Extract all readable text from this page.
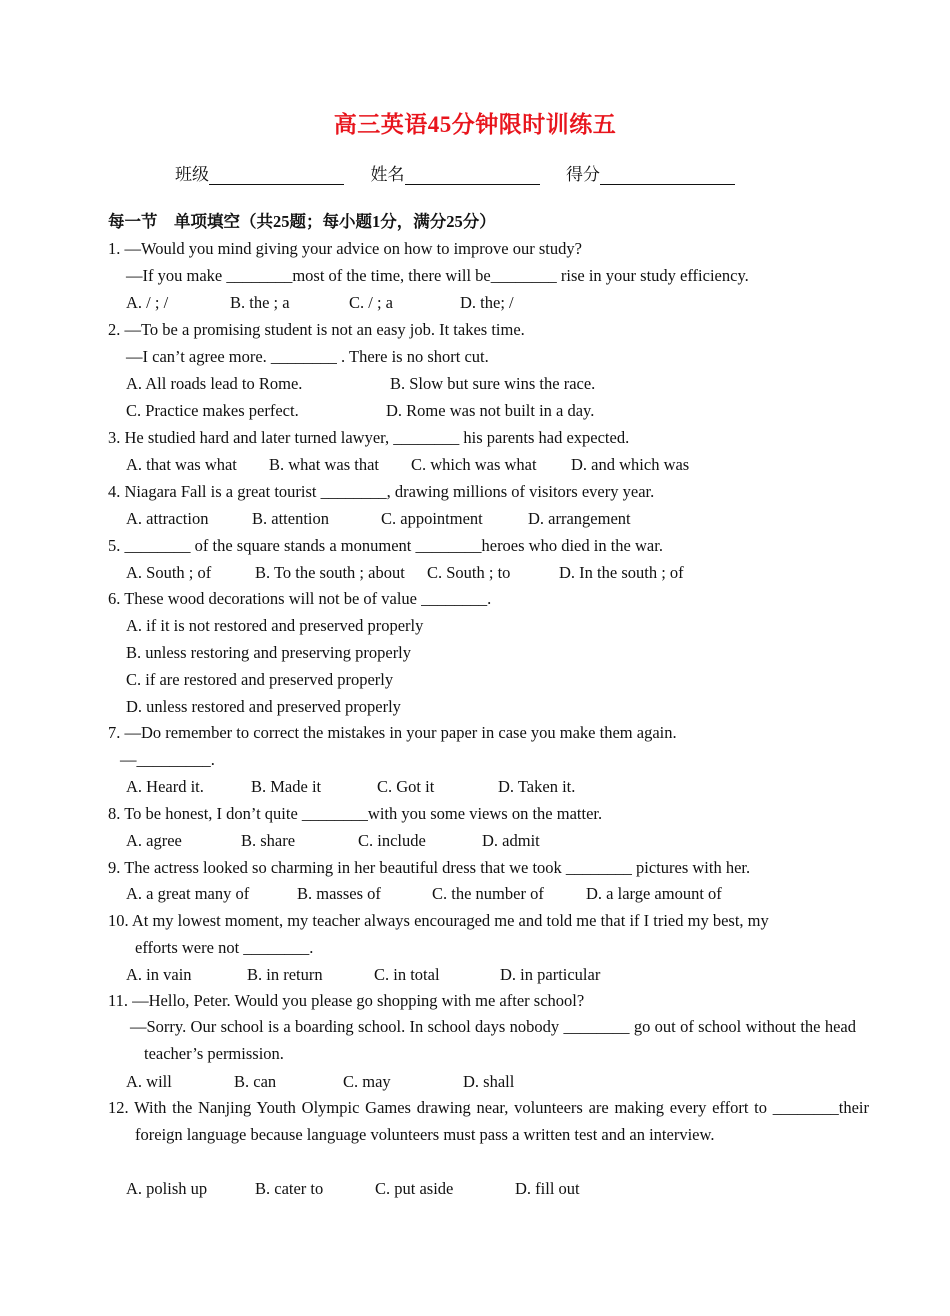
高三英语45分钟限时训练五
班级	姓名	得分
每一节　单项填空（共25题；每小题1分，满分25分）
1. —Would you mind giving your advice on how to improve our study?
—If you make ________most of the time, there will be________ rise in your study efficiency.
A. / ; /	B. the ; a	C. / ; a	D. the; /
2. —To be a promising student is not an easy job. It takes time.
—I can’t agree more. ________ . There is no short cut.
A. All roads lead to Rome.	B. Slow but sure wins the race.
C. Practice makes perfect.	D. Rome was not built in a day.
3. He studied hard and later turned lawyer, ________ his parents had expected.
A. that was what B. what was that C. which was what D. and which was
4. Niagara Fall is a great tourist ________, drawing millions of visitors every year.
A. attraction	B. attention	C. appointment	D. arrangement
5. ________ of the square stands a monument ________heroes who died in the war.
A. South ; of	B. To the south ; about C. South ; to	D. In the south ; of
6. These wood decorations will not be of value ________.
A. if it is not restored and preserved properly
B. unless restoring and preserving properly
C. if are restored and preserved properly
D. unless restored and preserved properly
7. —Do remember to correct the mistakes in your paper in case you make them again.
—_________.
A. Heard it.	B. Made it	C. Got it	D. Taken it.
8. To be honest, I don’t quite ________with you some views on the matter.
A. agree	B. share	C. include	D. admit
9. The actress looked so charming in her beautiful dress that we took ________ pictures with her.
A. a great many of	B. masses of	C. the number of	D. a large amount of
10. At my lowest moment, my teacher always encouraged me and told me that if I tried my best, my
efforts were not ________.
A. in vain	B. in return	C. in total	D. in particular
11. —Hello, Peter. Would you please go shopping with me after school?
—Sorry. Our school is a boarding school. In school days nobody ________ go out of school without the head teacher’s permission.
A. will	B. can	C. may	D. shall
12. With the Nanjing Youth Olympic Games drawing near, volunteers are making every effort to ________their foreign language because language volunteers must pass a written test and an interview.
A. polish up	B. cater to	C. put aside	D. fill out
